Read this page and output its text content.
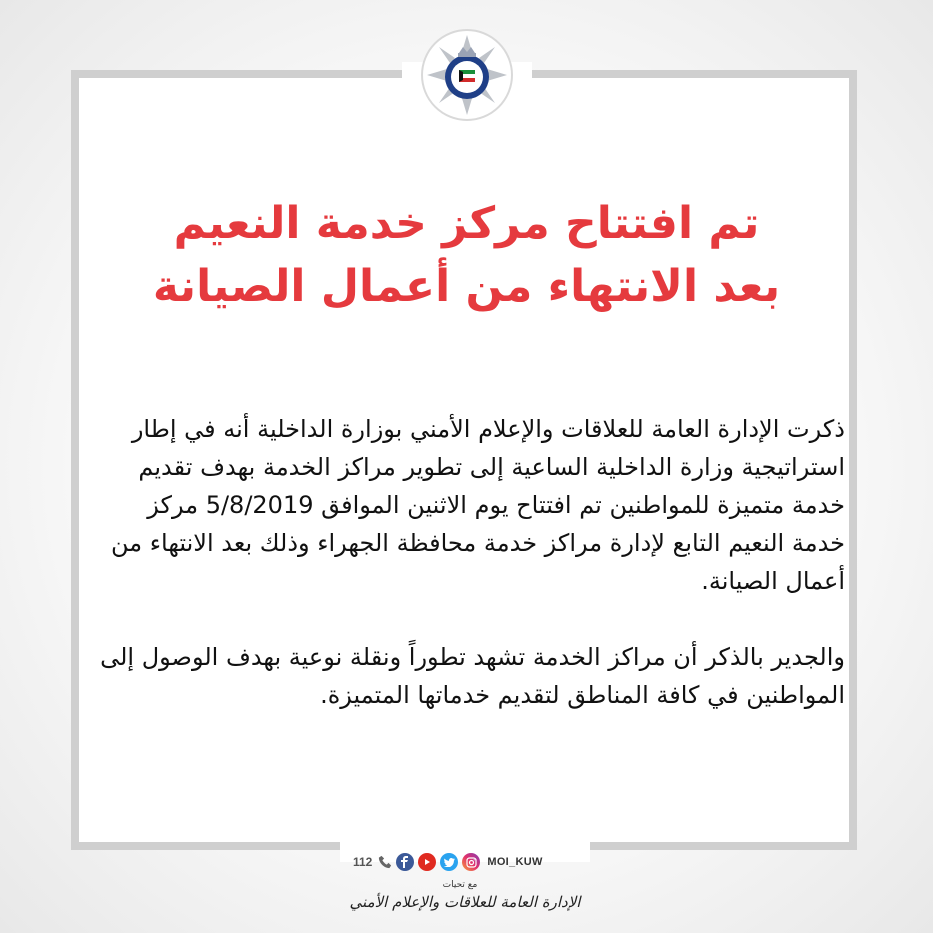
تم افتتاح مركز خدمة النعيم
بعد الانتهاء من أعمال الصيانة

ذكرت الإدارة العامة للعلاقات والإعلام الأمني بوزارة الداخلية أنه في إطار استراتيجية وزارة الداخلية الساعية إلى تطوير مراكز الخدمة بهدف تقديم خدمة متميزة للمواطنين تم افتتاح يوم الاثنين الموافق 5/8/2019 مركز خدمة النعيم التابع لإدارة مراكز خدمة محافظة الجهراء وذلك بعد الانتهاء من أعمال الصيانة.

والجدير بالذكر أن مراكز الخدمة تشهد تطوراً ونقلة نوعية بهدف الوصول إلى المواطنين في كافة المناطق لتقديم خدماتها المتميزة.

112	MOI_KUW
مع تحيات
الإدارة العامة للعلاقات والإعلام الأمني
